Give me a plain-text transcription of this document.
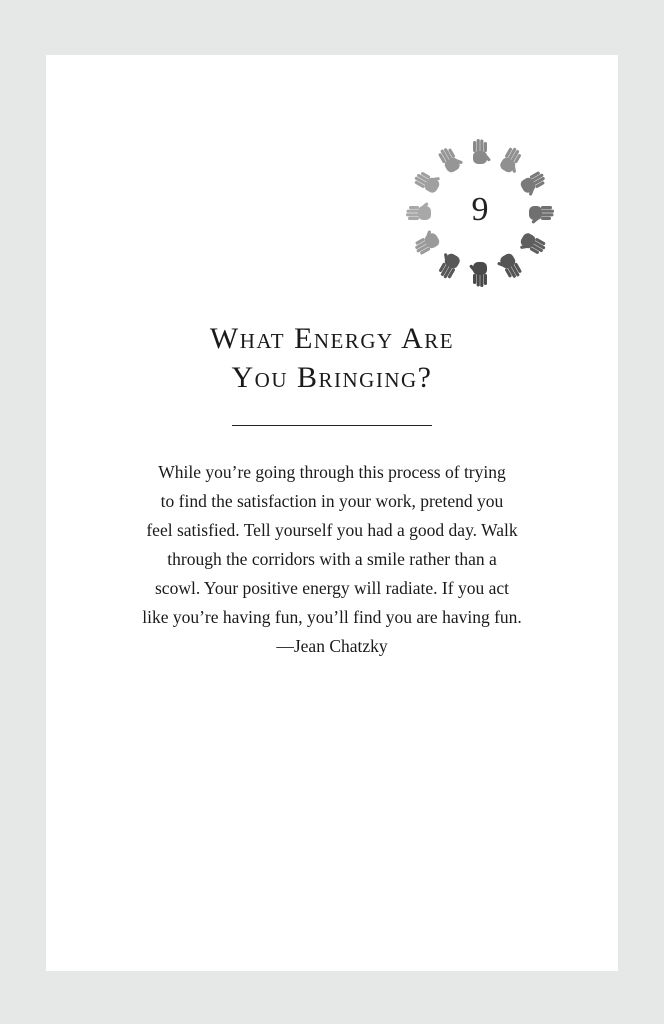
9
What Energy Are
You Bringing?
While you’re going through this process of trying
to find the satisfaction in your work, pretend you
feel satisfied. Tell yourself you had a good day. Walk
through the corridors with a smile rather than a
scowl. Your positive energy will radiate. If you act
like you’re having fun, you’ll find you are having fun.
—Jean Chatzky
